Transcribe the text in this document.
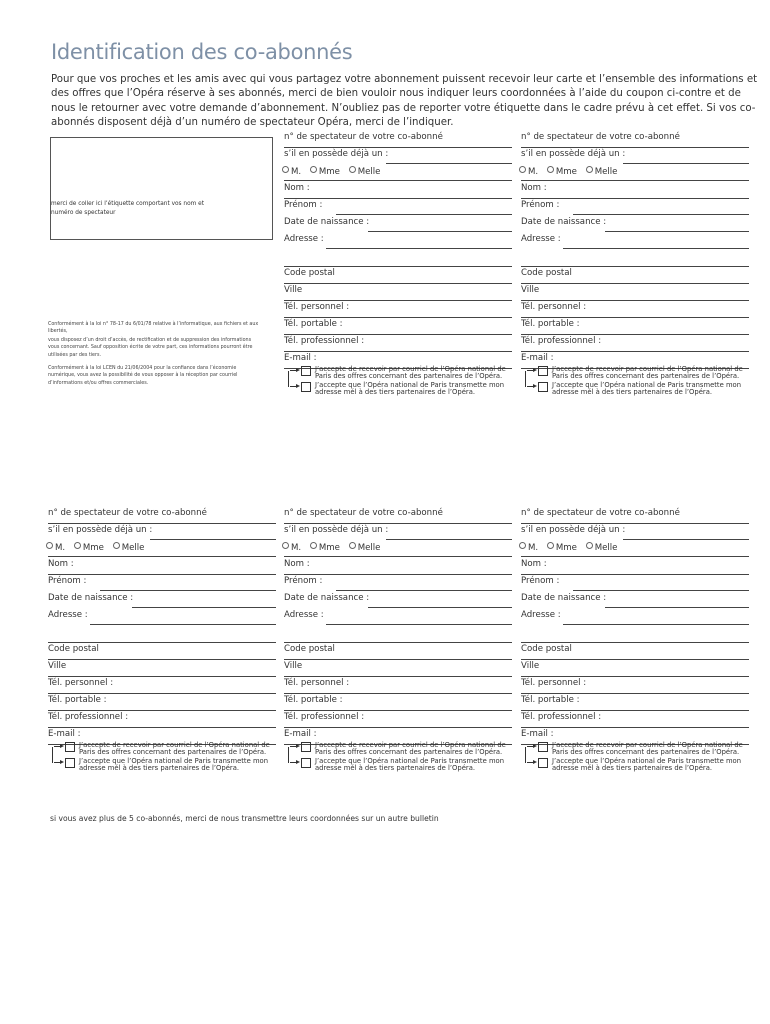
Identification des co-abonnés
Pour que vos proches et les amis avec qui vous partagez votre abonnement puissent recevoir leur carte et l’ensemble des informations et des offres que l’Opéra réserve à ses abonnés, merci de bien vouloir nous indiquer leurs coordonnées à l’aide du coupon ci-contre et de nous le retourner avec votre demande d’abonnement. N’oubliez pas de reporter votre étiquette dans le cadre prévu à cet effet. Si vos co-abonnés disposent déjà d’un numéro de spectateur Opéra, merci de l’indiquer.
merci de coller ici l’étiquette comportant vos nom et numéro de spectateur

Conformément à la loi n° 78-17 du 6/01/78 relative à l’informatique, aux fichiers et aux libertés,

vous disposez d’un droit d’accès, de rectification et de suppression des informations vous concernant. Sauf opposition écrite de votre part, ces informations pourront être utilisées par des tiers.

Conformément à la loi LCEN du 21/06/2004 pour la confiance dans l’économie numérique, vous avez la possibilité de vous opposer à la réception par courriel d’informations et/ou offres commerciales.

n° de spectateur de votre co-abonné
s’il en possède déjà un :
M. Mme Melle
Nom :
Prénom :
Date de naissance :
Adresse :
Code postal
Ville
Tél. personnel :
Tél. portable :
Tél. professionnel :
E-mail :
J’accepte de recevoir par courriel de l’Opéra national de Paris des offres concernant des partenaires de l’Opéra.
J’accepte que l’Opéra national de Paris transmette mon adresse mél à des tiers partenaires de l’Opéra.
n° de spectateur de votre co-abonné
s’il en possède déjà un :
M. Mme Melle
Nom :
Prénom :
Date de naissance :
Adresse :
Code postal
Ville
Tél. personnel :
Tél. portable :
Tél. professionnel :
E-mail :
J’accepte de recevoir par courriel de l’Opéra national de Paris des offres concernant des partenaires de l’Opéra.
J’accepte que l’Opéra national de Paris transmette mon adresse mél à des tiers partenaires de l’Opéra.
n° de spectateur de votre co-abonné
s’il en possède déjà un :
M. Mme Melle
Nom :
Prénom :
Date de naissance :
Adresse :
Code postal
Ville
Tél. personnel :
Tél. portable :
Tél. professionnel :
E-mail :
J’accepte de recevoir par courriel de l’Opéra national de Paris des offres concernant des partenaires de l’Opéra.
J’accepte que l’Opéra national de Paris transmette mon adresse mél à des tiers partenaires de l’Opéra.
n° de spectateur de votre co-abonné
s’il en possède déjà un :
M. Mme Melle
Nom :
Prénom :
Date de naissance :
Adresse :
Code postal
Ville
Tél. personnel :
Tél. portable :
Tél. professionnel :
E-mail :
J’accepte de recevoir par courriel de l’Opéra national de Paris des offres concernant des partenaires de l’Opéra.
J’accepte que l’Opéra national de Paris transmette mon adresse mél à des tiers partenaires de l’Opéra.
n° de spectateur de votre co-abonné
s’il en possède déjà un :
M. Mme Melle
Nom :
Prénom :
Date de naissance :
Adresse :
Code postal
Ville
Tél. personnel :
Tél. portable :
Tél. professionnel :
E-mail :
J’accepte de recevoir par courriel de l’Opéra national de Paris des offres concernant des partenaires de l’Opéra.
J’accepte que l’Opéra national de Paris transmette mon adresse mél à des tiers partenaires de l’Opéra.
si vous avez plus de 5 co-abonnés, merci de nous transmettre leurs coordonnées sur un autre bulletin
